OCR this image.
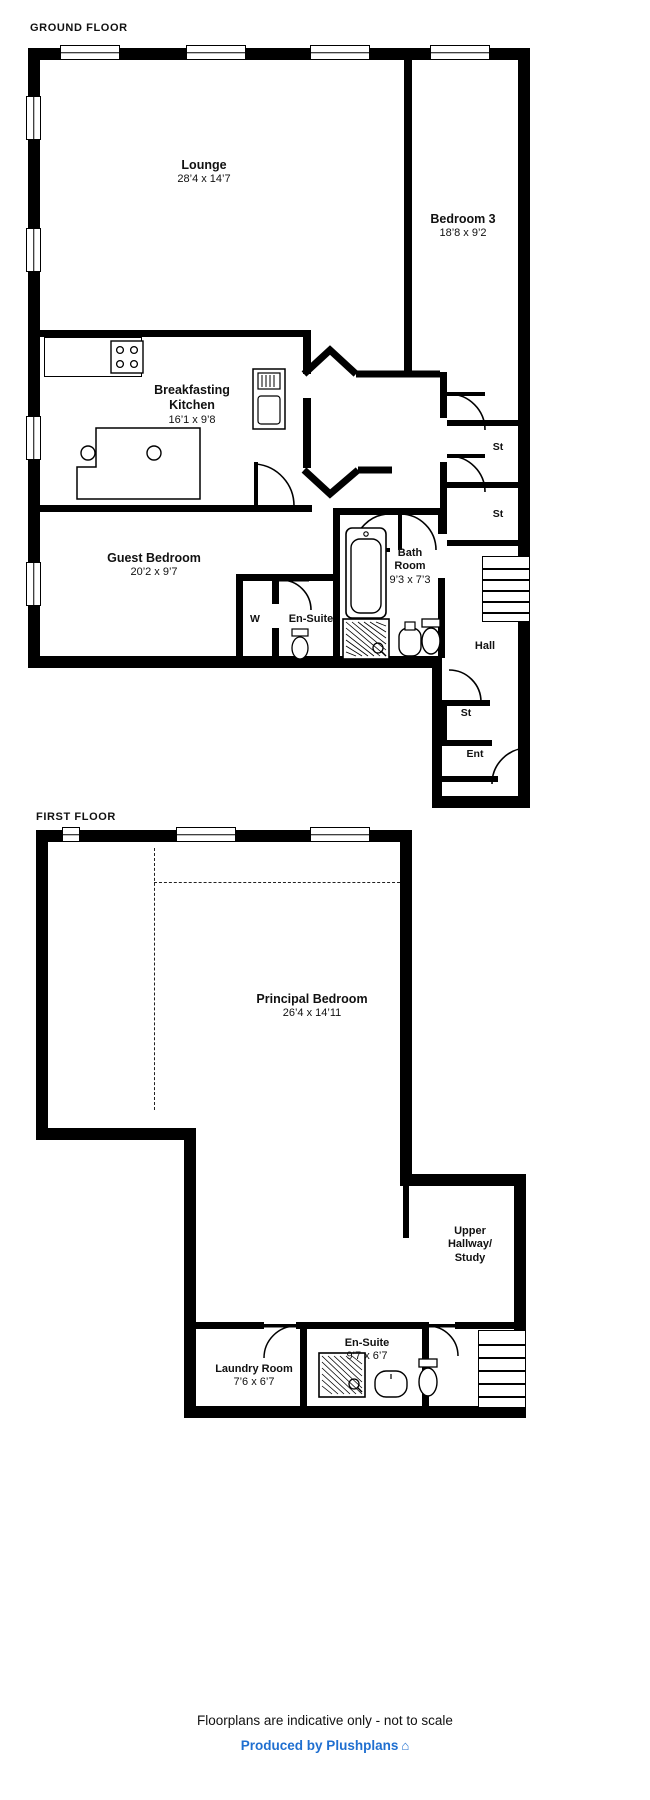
GROUND FLOOR
Lounge
28’4 x 14’7
Bedroom 3
18’8 x 9’2
Breakfasting
Kitchen
16’1 x 9’8
Guest Bedroom
20’2 x 9’7
Bath
Room
9’3 x 7’3
En-Suite
W
St
St
Hall
St
Ent
FIRST FLOOR
Principal Bedroom
26’4 x 14’11
Upper
Hallway/
Study
En-Suite
9’7 x 6’7
Laundry Room
7’6 x 6’7
Floorplans are indicative only - not to scale
Produced by Plushplans ⌂
